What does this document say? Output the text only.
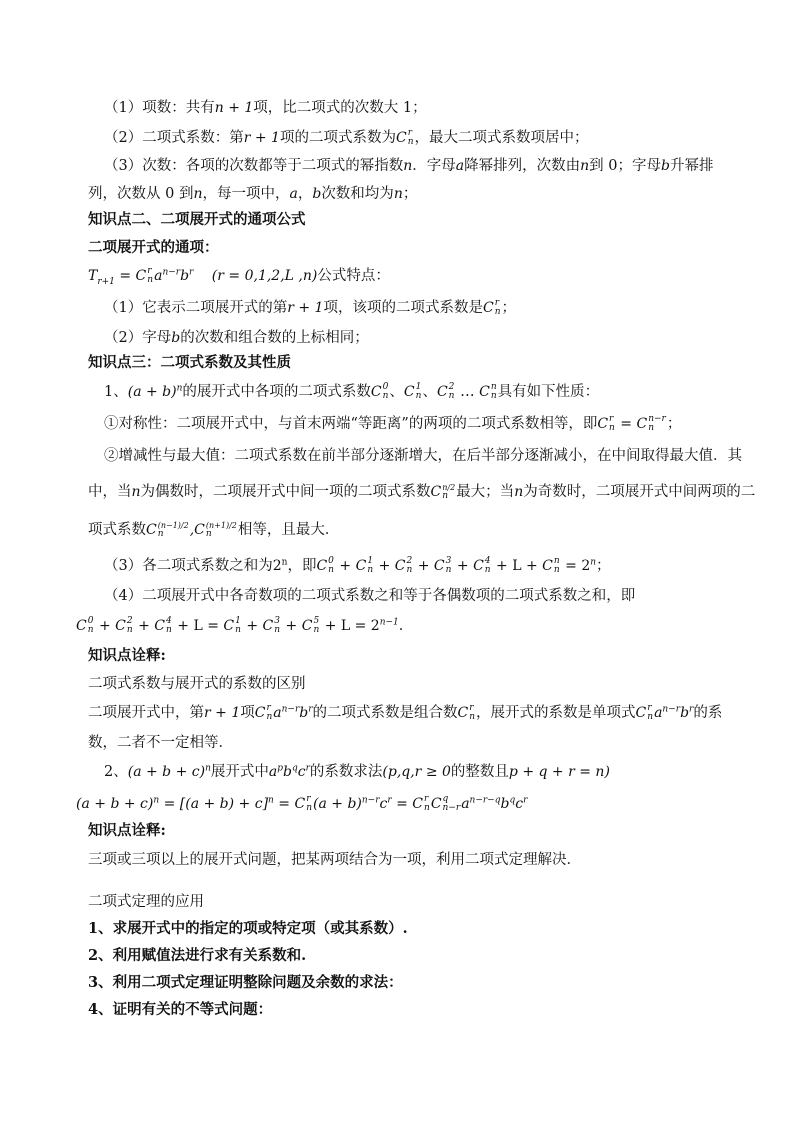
（1）项数：共有n + 1项，比二项式的次数大 1；
（2）二项式系数：第r + 1项的二项式系数为C r
n ，最大二项式系数项居中；
（3）次数：各项的次数都等于二项式的幂指数n．字母a降幂排列，次数由n到 0；字母b升幂排
列，次数从 0 到n，每一项中，a，b次数和均为n；
知识点二、二项展开式的通项公式
二项展开式的通项：
$T_{r+1} = C$ r
n $a^{n-r}b^r$ (r = 0,1,2,L ,n)公式特点：
（1）它表示二项展开式的第r + 1项，该项的二项式系数是C r
n ；
（2）字母b的次数和组合数的上标相同；
知识点三：二项式系数及其性质
1、$(a + b)^n$的展开式中各项的二项式系数C 0
n 、C 1
n 、C 2
n … C n
n 具有如下性质：
①对称性：二项展开式中，与首末两端“等距离”的两项的二项式系数相等，即C r
n = C n−r
n ；
②增减性与最大值：二项式系数在前半部分逐渐增大，在后半部分逐渐减小，在中间取得最大值．其
中，当n为偶数时，二项展开式中间一项的二项式系数C n/2
n 最大；当n为奇数时，二项展开式中间两项的二
项式系数C (n−1)/2
n	,C (n+1)/2
n	相等，且最大．
（3）各二项式系数之和为2$^n$，即C 0
n + C 1
n + C 2
n + C 3
n + C 4
n + L + C n
$n = 2^n$；
（4）二项展开式中各奇数项的二项式系数之和等于各偶数项的二项式系数之和，即
C 0
n + C 2
n + C 4
n + L = C 1
n + C 3
n + C 5
$n + L = 2^{n-1}$．
知识点诠释:
二项式系数与展开式的系数的区别
二项展开式中，第r + 1项C r
n $a^{n-r}b^r$的二项式系数是组合数C r
n ，展开式的系数是单项式C r
n $a^{n-r}b^r$的系
数，二者不一定相等．
2、$(a + b + c)^n$展开式中$a^pb^qc^r$的系数求法(p,q,r ≥ 0的整数且p + q + r = n)
$(a + b + c)^n = [(a + b) + c]^n = C$ r
n $(a + b)^{n-r}c^r = C$ r
n C q
n−r $a^{n-r-q}b^qc^r$
知识点诠释:
三项或三项以上的展开式问题，把某两项结合为一项，利用二项式定理解决．
二项式定理的应用
1、求展开式中的指定的项或特定项（或其系数）.
2、利用赋值法进行求有关系数和.
3、利用二项式定理证明整除问题及余数的求法：
4、证明有关的不等式问题：
